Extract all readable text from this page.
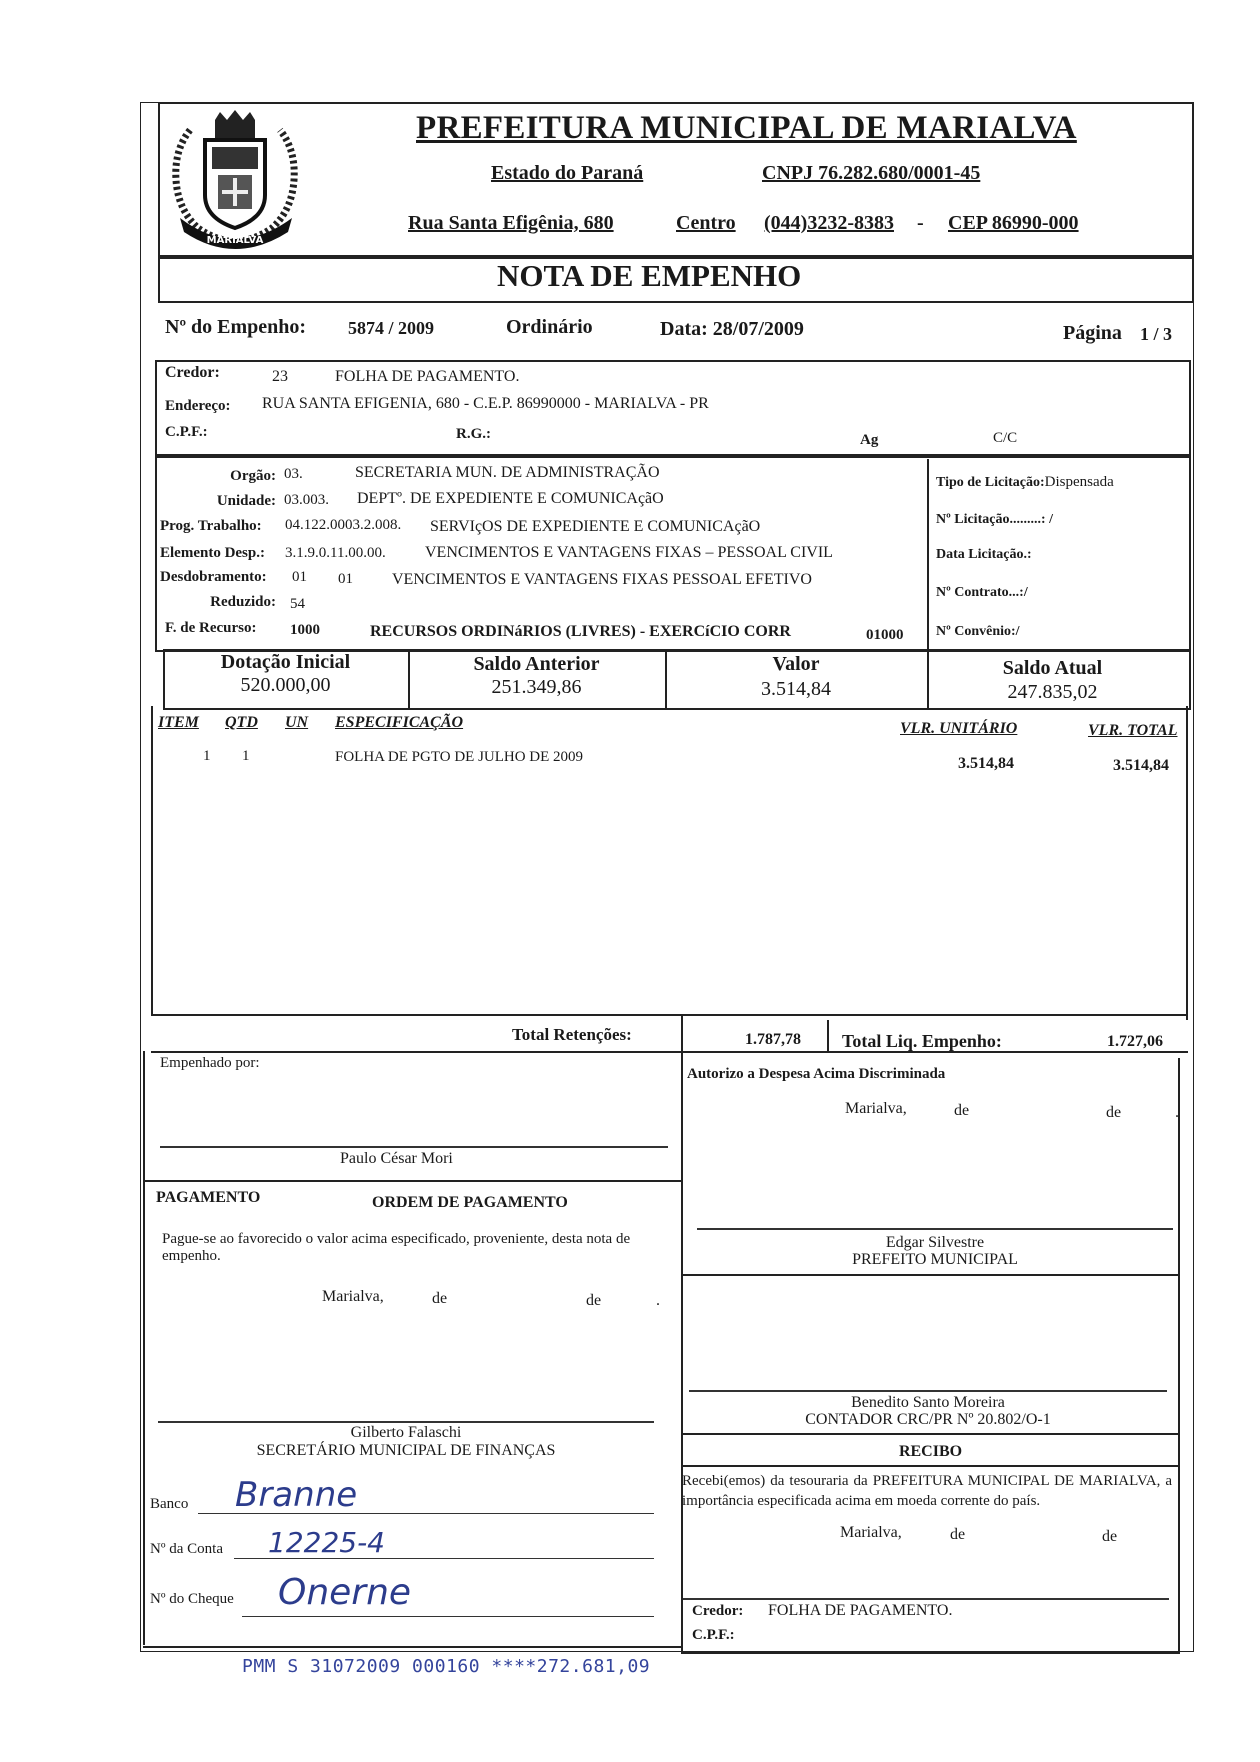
MARIALVA
PREFEITURA MUNICIPAL DE MARIALVA
Estado do Paraná	CNPJ 76.282.680/0001-45
Rua Santa Efigênia, 680	Centro (044)3232-8383 - CEP 86990-000
NOTA DE EMPENHO
Nº do Empenho: 5874 / 2009	Ordinário	Data: 28/07/2009	Página 1 / 3
Credor:	23	FOLHA DE PAGAMENTO.
Endereço: RUA SANTA EFIGENIA, 680 - C.E.P. 86990000 - MARIALVA - PR
C.P.F.:	R.G.:	Ag	C/C
Orgão: 03.	SECRETARIA MUN. DE ADMINISTRAÇÃO
Unidade: 03.003. DEPTº. DE EXPEDIENTE E COMUNICAçãO
Prog. Trabalho: 04.122.0003.2.008. SERVIçOS DE EXPEDIENTE E COMUNICAçãO
Elemento Desp.: 3.1.9.0.11.00.00. VENCIMENTOS E VANTAGENS FIXAS – PESSOAL CIVIL
Desdobramento: 01 01 VENCIMENTOS E VANTAGENS FIXAS PESSOAL EFETIVO
Reduzido: 54
F. de Recurso: 1000	RECURSOS ORDINáRIOS (LIVRES) - EXERCíCIO CORR	01000
Tipo de Licitação:Dispensada
Nº Licitação.........: /
Data Licitação.:
Nº Contrato...:/
Nº Convênio:/
Dotação Inicial
520.000,00
Saldo Anterior
251.349,86
Valor
3.514,84
Saldo Atual
247.835,02
ITEM QTD UN ESPECIFICAÇÃO	VLR. UNITÁRIO	VLR. TOTAL
1 1	FOLHA DE PGTO DE JULHO DE 2009	3.514,84	3.514,84
Total Retenções:	1.787,78 Total Liq. Empenho:	1.727,06
Empenhado por:
Paulo César Mori
Autorizo a Despesa Acima Discriminada
Marialva,	de	de	.
Edgar Silvestre
PREFEITO MUNICIPAL
PAGAMENTO	ORDEM DE PAGAMENTO
Pague-se ao favorecido o valor acima especificado, proveniente, desta nota de empenho.
Marialva,	de	de	.
Gilberto Falaschi
SECRETÁRIO MUNICIPAL DE FINANÇAS
Benedito Santo Moreira
CONTADOR CRC/PR Nº 20.802/O-1
Banco Branne
Nº da Conta 12225-4
Nº do Cheque Onerne
RECIBO
Recebi(emos) da tesouraria da PREFEITURA MUNICIPAL DE MARIALVA, a importância especificada acima em moeda corrente do país.
Marialva,	de	de
Credor: FOLHA DE PAGAMENTO.
C.P.F.:
PMM S 31072009 000160 ****272.681,09
